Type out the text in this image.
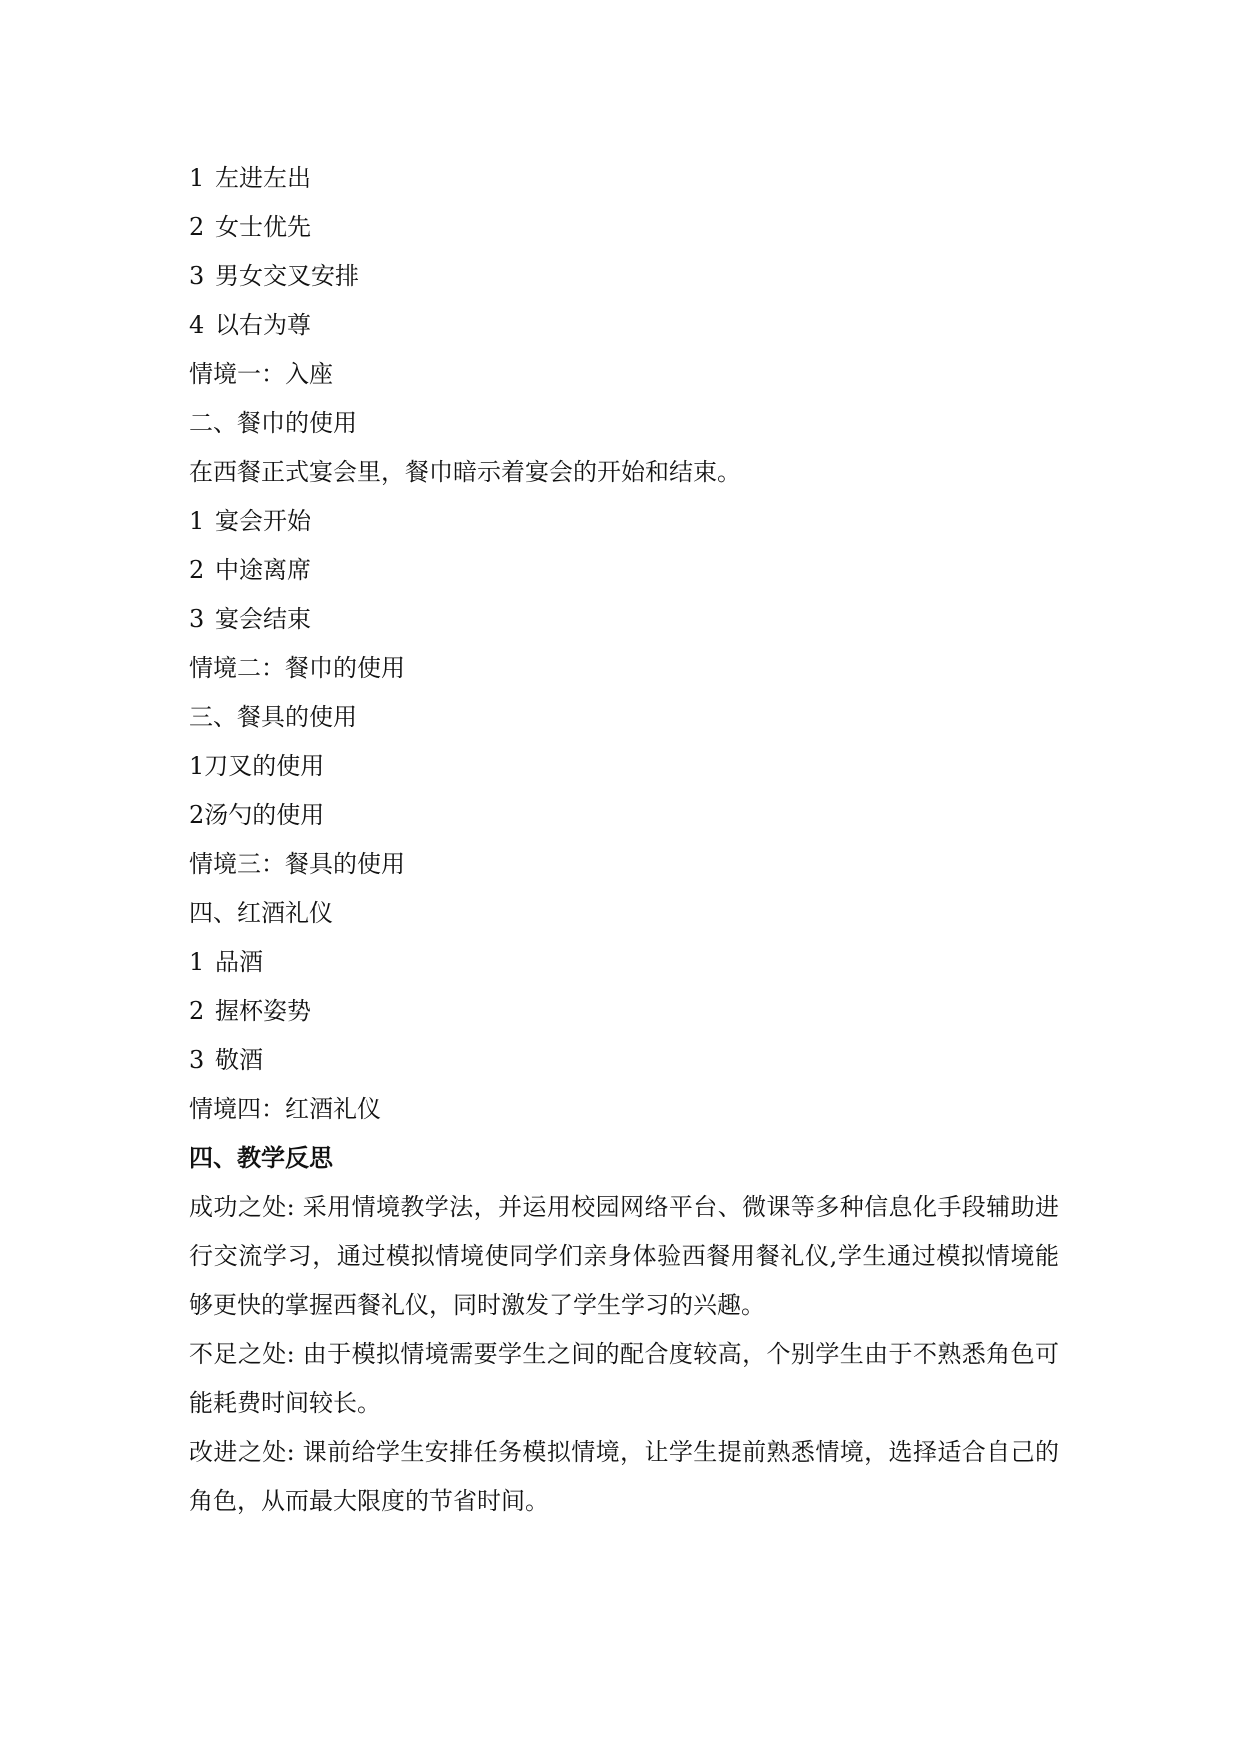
1 左进左出

2 女士优先

3 男女交叉安排

4 以右为尊

情境一：入座

二、餐巾的使用

在西餐正式宴会里，餐巾暗示着宴会的开始和结束。

1 宴会开始

2 中途离席

3 宴会结束

情境二：餐巾的使用

三、餐具的使用

1刀叉的使用

2汤勺的使用

情境三：餐具的使用

四、红酒礼仪

1 品酒

2 握杯姿势

3 敬酒

情境四：红酒礼仪

四、教学反思

成功之处: 采用情境教学法，并运用校园网络平台、微课等多种信息化手段辅助进行交流学习，通过模拟情境使同学们亲身体验西餐用餐礼仪,学生通过模拟情境能够更快的掌握西餐礼仪，同时激发了学生学习的兴趣。

不足之处: 由于模拟情境需要学生之间的配合度较高，个别学生由于不熟悉角色可能耗费时间较长。

改进之处: 课前给学生安排任务模拟情境，让学生提前熟悉情境，选择适合自己的角色，从而最大限度的节省时间。
